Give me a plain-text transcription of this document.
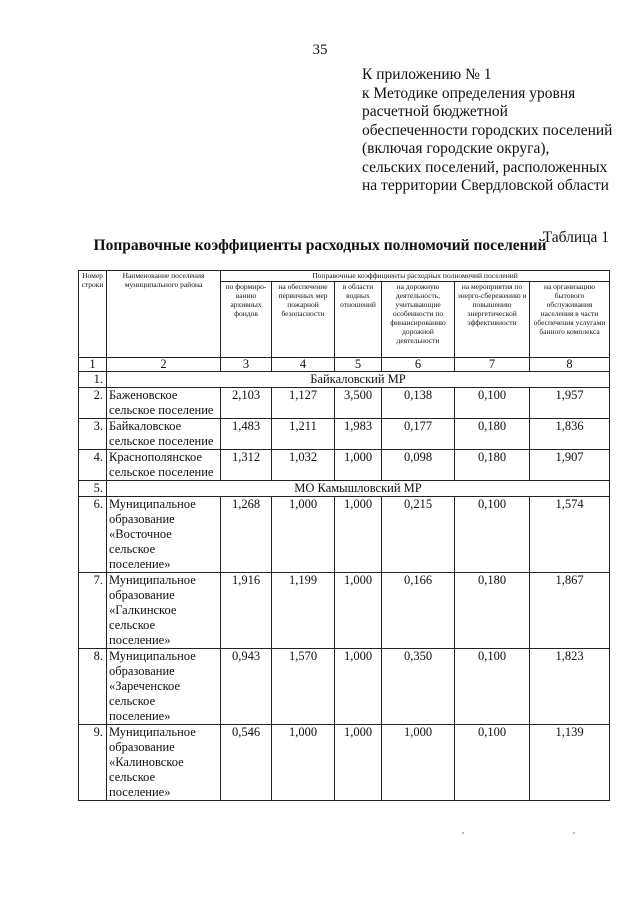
35
К приложению № 1
к Методике определения уровня
расчетной бюджетной
обеспеченности городских поселений
(включая городские округа),
сельских поселений, расположенных
на территории Свердловской области
Таблица 1
Поправочные коэффициенты расходных полномочий поселений
Номер строки	Наименование поселения муниципального района	Поправочные коэффициенты расходных полномочий поселений					
		по формиро-ванию архивных фондов	на обеспечение первичных мер пожарной безопасности	в области водных отношений	на дорожную деятельность, учитывающие особенности по финансированию дорожной деятельности	на мероприятия по энерго-сбережению и повышению энергетической эффективности	на организацию бытового обслуживания населения в части обеспечения услугами банного комплекса
1	2	3	4	5	6	7	8
1.	Байкаловский МР						
2.	Баженовское сельское поселение	2,103	1,127	3,500	0,138	0,100	1,957
3.	Байкаловское сельское поселение	1,483	1,211	1,983	0,177	0,180	1,836
4.	Краснополянское сельское поселение	1,312	1,032	1,000	0,098	0,180	1,907
5.	МО Камышловский МР						
6.	Муниципальное образование «Восточное сельское поселение»	1,268	1,000	1,000	0,215	0,100	1,574
7.	Муниципальное образование «Галкинское сельское поселение»	1,916	1,199	1,000	0,166	0,180	1,867
8.	Муниципальное образование «Зареченское сельское поселение»	0,943	1,570	1,000	0,350	0,100	1,823
9.	Муниципальное образование «Калиновское сельское поселение»	0,546	1,000	1,000	1,000	0,100	1,139
